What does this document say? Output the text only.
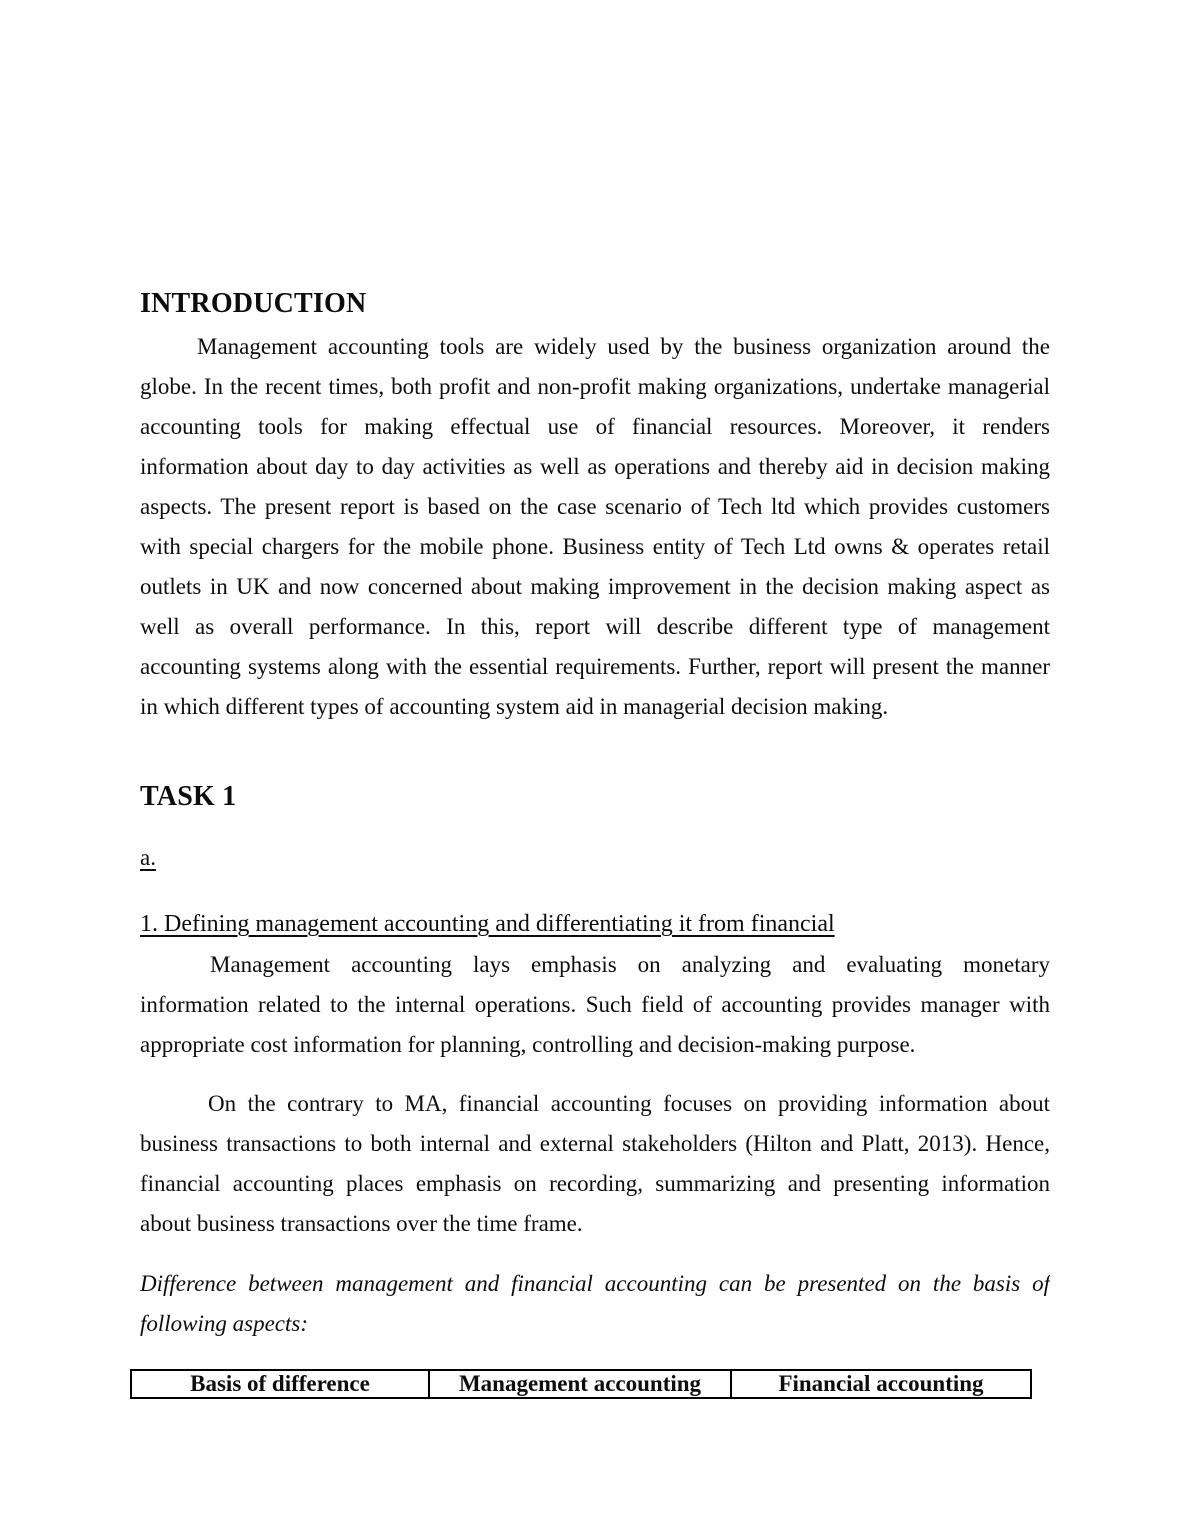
INTRODUCTION
Management accounting tools are widely used by the business organization around the
globe. In the recent times, both profit and non-profit making organizations, undertake managerial
accounting tools for making effectual use of financial resources. Moreover, it renders
information about day to day activities as well as operations and thereby aid in decision making
aspects. The present report is based on the case scenario of Tech ltd which provides customers
with special chargers for the mobile phone. Business entity of Tech Ltd owns & operates retail
outlets in UK and now concerned about making improvement in the decision making aspect as
well as overall performance. In this, report will describe different type of management
accounting systems along with the essential requirements. Further, report will present the manner
in which different types of accounting system aid in managerial decision making.
TASK 1
a.
1. Defining management accounting and differentiating it from financial
Management accounting lays emphasis on analyzing and evaluating monetary
information related to the internal operations. Such field of accounting provides manager with
appropriate cost information for planning, controlling and decision-making purpose.
On the contrary to MA, financial accounting focuses on providing information about
business transactions to both internal and external stakeholders (Hilton and Platt, 2013). Hence,
financial accounting places emphasis on recording, summarizing and presenting information
about business transactions over the time frame.
Difference between management and financial accounting can be presented on the basis of
following aspects:
Basis of difference	Management accounting	Financial accounting
